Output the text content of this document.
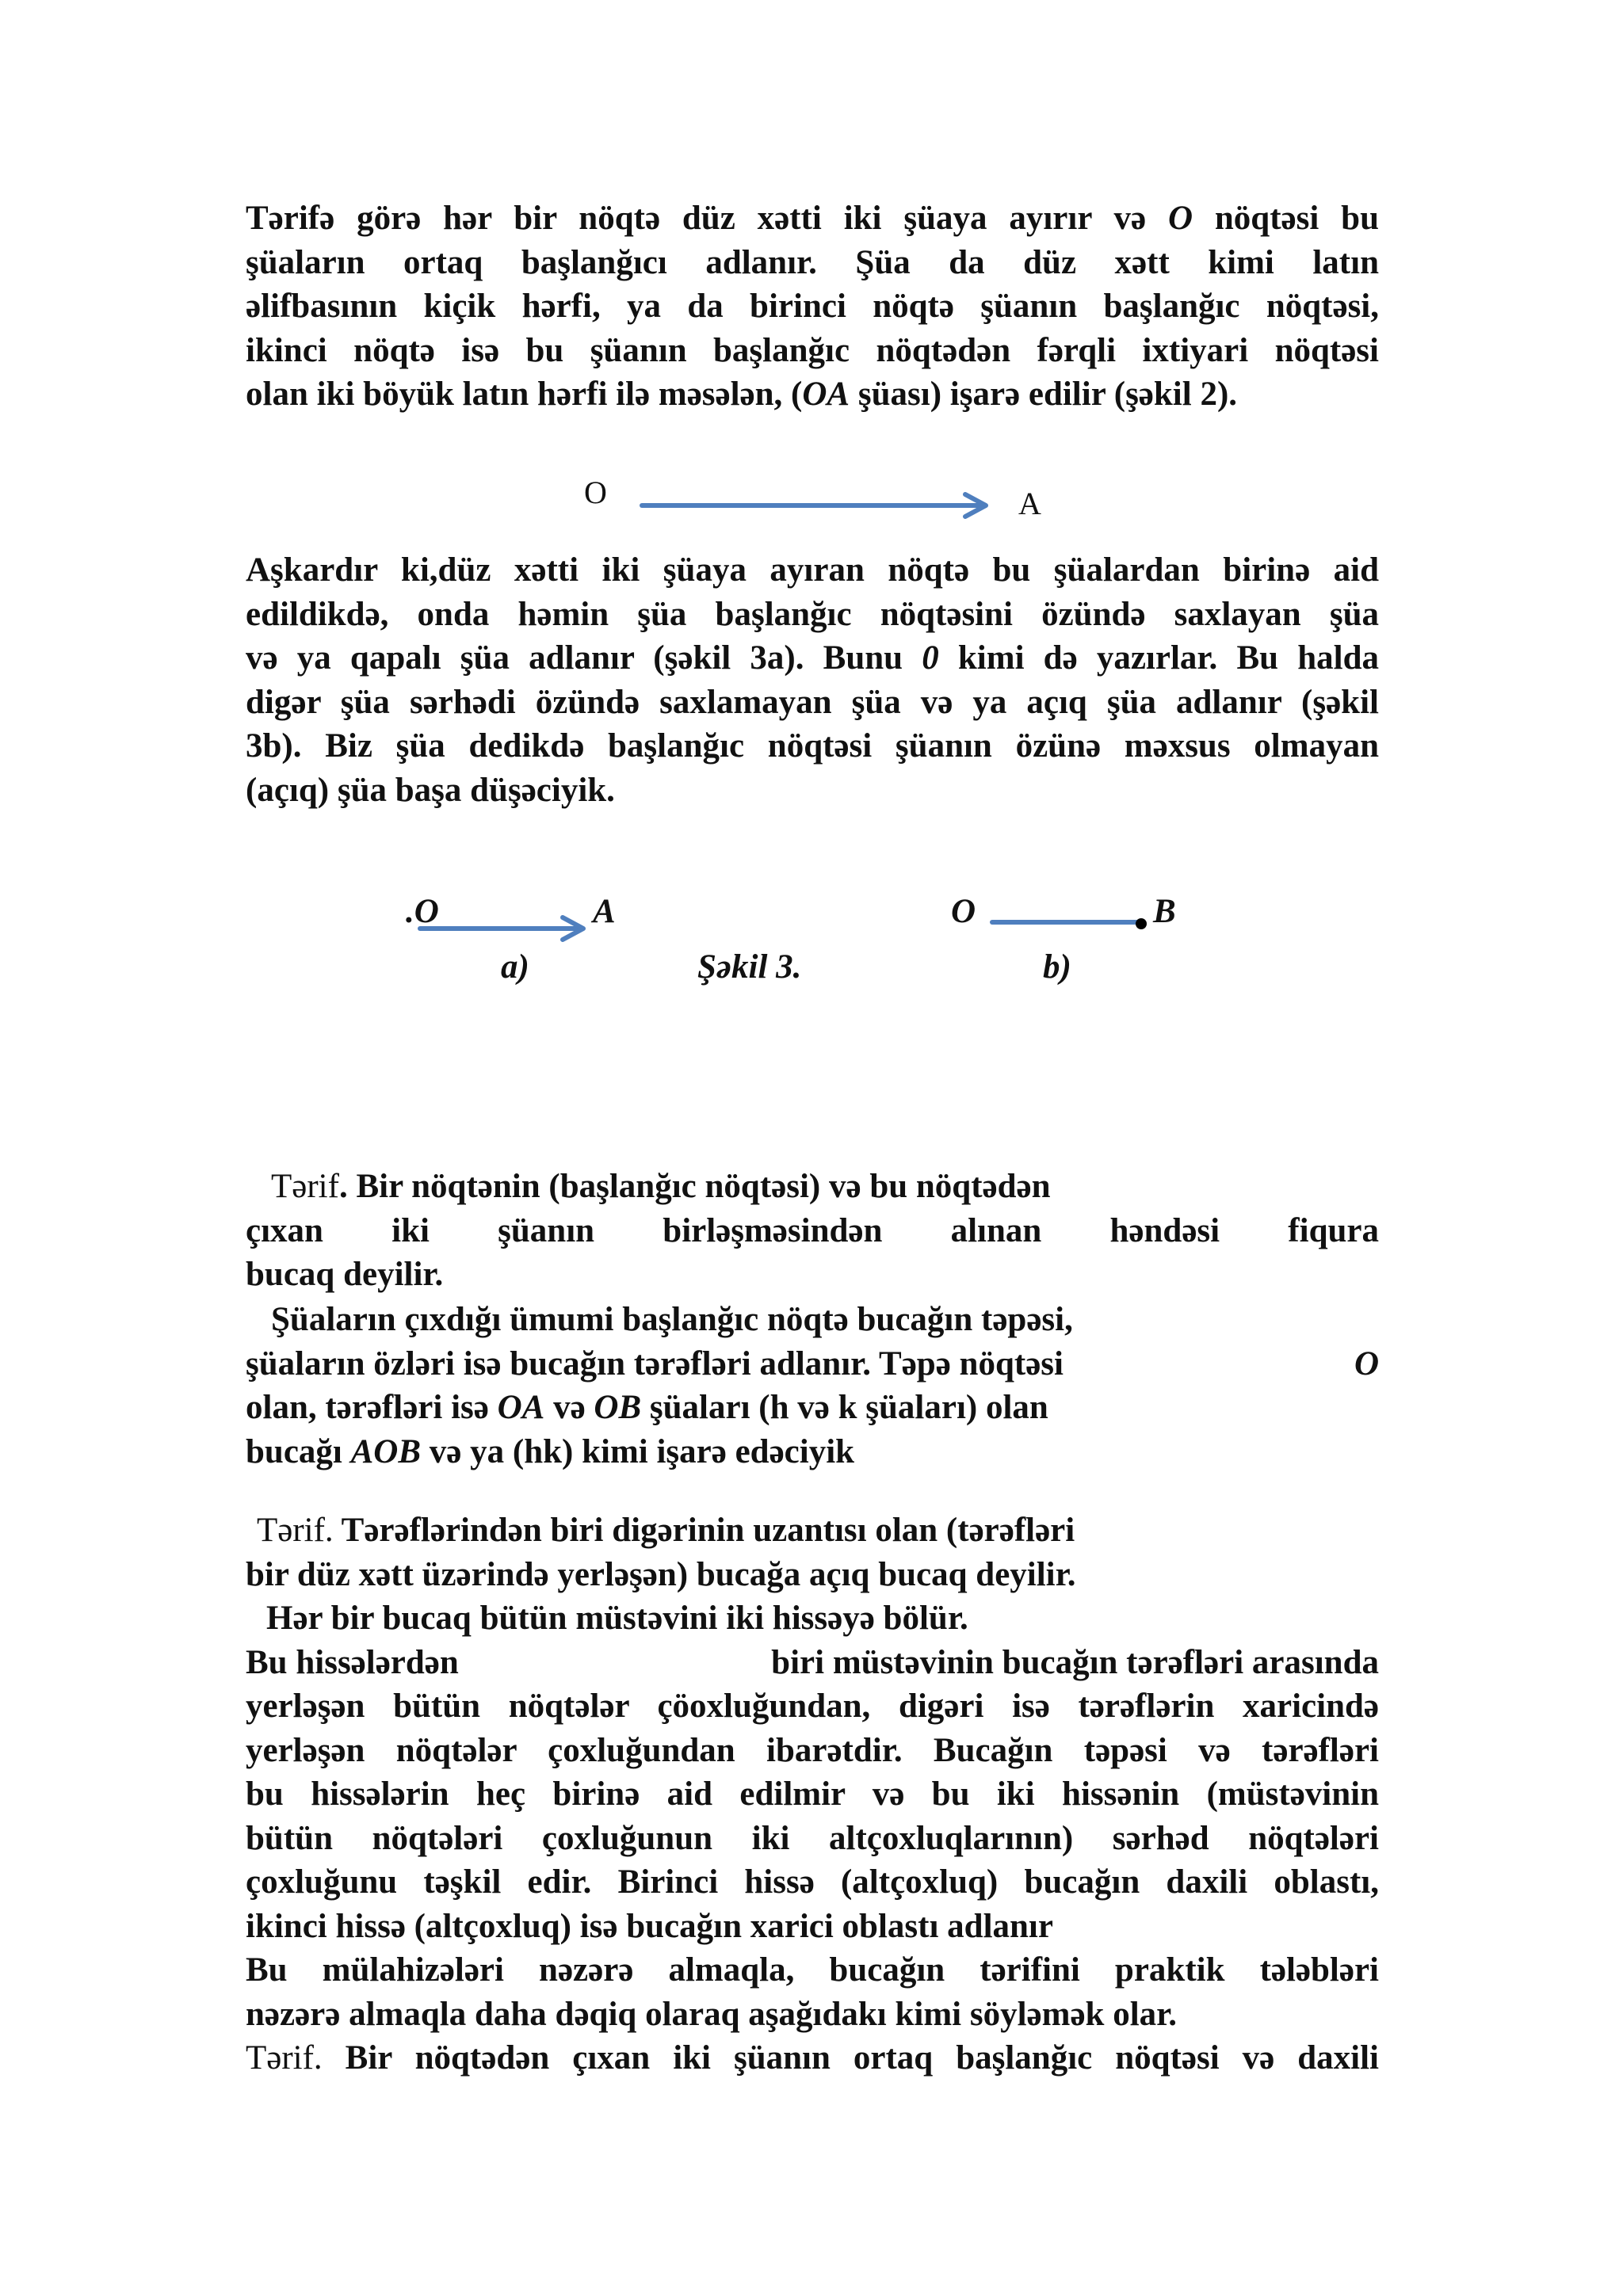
Tərifə görə hər bir nöqtə düz xətti iki şüaya ayırır və O nöqtəsi bu
şüaların ortaq başlanğıcı adlanır. Şüa da düz xətt kimi latın
əlifbasının kiçik hərfi, ya da birinci nöqtə şüanın başlanğıc nöqtəsi,
ikinci nöqtə isə bu şüanın başlanğıc nöqtədən fərqli ixtiyari nöqtəsi
olan iki böyük latın hərfi ilə məsələn, (OA şüası) işarə edilir (şəkil 2).
O	A
Aşkardır ki,düz xətti iki şüaya ayıran nöqtə bu şüalardan birinə aid
edildikdə, onda həmin şüa başlanğıc nöqtəsini özündə saxlayan şüa
və ya qapalı şüa adlanır (şəkil 3a). Bunu 0 kimi də yazırlar. Bu halda
digər şüa sərhədi özündə saxlamayan şüa və ya açıq şüa adlanır (şəkil
3b). Biz şüa dedikdə başlanğıc nöqtəsi şüanın özünə məxsus olmayan
(açıq) şüa başa düşəciyik.
.O	A	O	B
a)	Şəkil 3.	b)
Tərif. Bir nöqtənin (başlanğıc nöqtəsi) və bu nöqtədən
çıxan iki şüanın birləşməsindən alınan həndəsi fiqura
bucaq deyilir.
Şüaların çıxdığı ümumi başlanğıc nöqtə bucağın təpəsi,
şüaların özləri isə bucağın tərəfləri adlanır. Təpə nöqtəsi	O
olan, tərəfləri isə OA və OB şüaları (h və k şüaları) olan
bucağı AOB və ya (hk) kimi işarə edəciyik
Tərif. Tərəflərindən biri digərinin uzantısı olan (tərəfləri
bir düz xətt üzərində yerləşən) bucağa açıq bucaq deyilir.
Hər bir bucaq bütün müstəvini iki hissəyə bölür.
Bu hissələrdən	biri müstəvinin bucağın tərəfləri arasında
yerləşən bütün nöqtələr çöoxluğundan, digəri isə tərəflərin xaricində
yerləşən nöqtələr çoxluğundan ibarətdir. Bucağın təpəsi və tərəfləri
bu hissələrin heç birinə aid edilmir və bu iki hissənin (müstəvinin
bütün nöqtələri çoxluğunun iki altçoxluqlarının) sərhəd nöqtələri
çoxluğunu təşkil edir. Birinci hissə (altçoxluq) bucağın daxili oblastı,
ikinci hissə (altçoxluq) isə bucağın xarici oblastı adlanır
Bu mülahizələri nəzərə almaqla, bucağın tərifini praktik tələbləri
nəzərə almaqla daha dəqiq olaraq aşağıdakı kimi söyləmək olar.
Tərif. Bir nöqtədən çıxan iki şüanın ortaq başlanğıc nöqtəsi və daxili
